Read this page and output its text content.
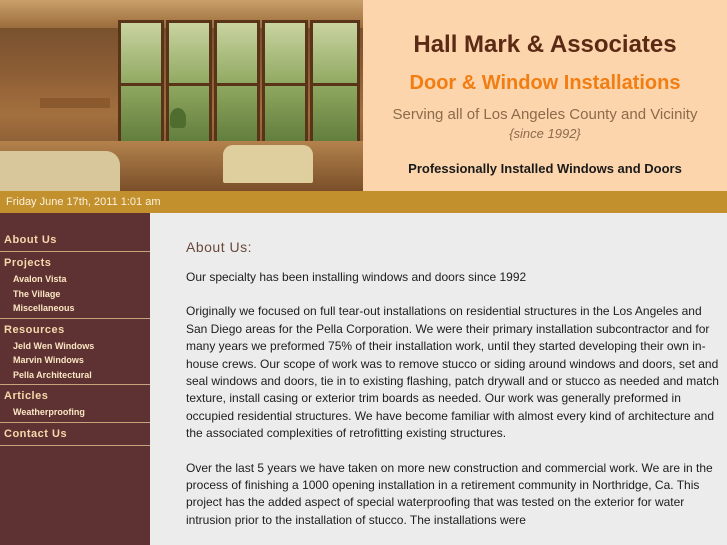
Hall Mark & Associates
Door & Window Installations
Serving all of Los Angeles County and Vicinity
{since 1992}
Professionally Installed Windows and Doors
Friday June 17th, 2011 1:01 am
About Us
Projects
Avalon Vista
The Village
Miscellaneous
Resources
Jeld Wen Windows
Marvin Windows
Pella Architectural
Articles
Weatherproofing
Contact Us
About Us:

Our specialty has been installing windows and doors since 1992

Originally we focused on full tear-out installations on residential structures in the Los Angeles and San Diego areas for the Pella Corporation. We were their primary installation subcontractor and for many years we preformed 75% of their installation work, until they started developing their own in-house crews. Our scope of work was to remove stucco or siding around windows and doors, set and seal windows and doors, tie in to existing flashing, patch drywall and or stucco as needed and match texture, install casing or exterior trim boards as needed. Our work was generally preformed in occupied residential structures. We have become familiar with almost every kind of architecture and the associated complexities of retrofitting existing structures.

Over the last 5 years we have taken on more new construction and commercial work. We are in the process of finishing a 1000 opening installation in a retirement community in Northridge, Ca. This project has the added aspect of special waterproofing that was tested on the exterior for water intrusion prior to the installation of stucco. The installations were
